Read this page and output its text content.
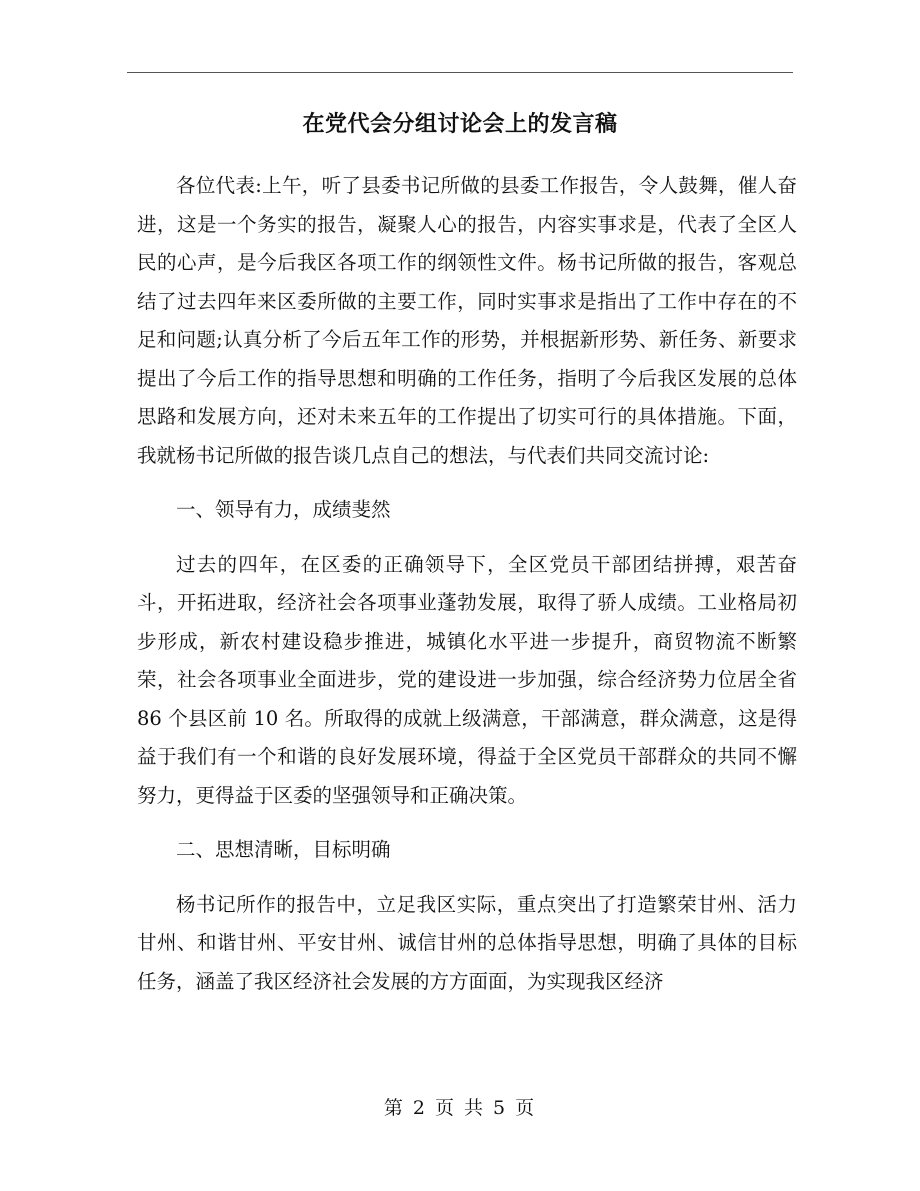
在党代会分组讨论会上的发言稿

各位代表:上午，听了县委书记所做的县委工作报告，令人鼓舞，催人奋进，这是一个务实的报告，凝聚人心的报告，内容实事求是，代表了全区人民的心声，是今后我区各项工作的纲领性文件。杨书记所做的报告，客观总结了过去四年来区委所做的主要工作，同时实事求是指出了工作中存在的不足和问题;认真分析了今后五年工作的形势，并根据新形势、新任务、新要求提出了今后工作的指导思想和明确的工作任务，指明了今后我区发展的总体思路和发展方向，还对未来五年的工作提出了切实可行的具体措施。下面，我就杨书记所做的报告谈几点自己的想法，与代表们共同交流讨论:

一、领导有力，成绩斐然

过去的四年，在区委的正确领导下，全区党员干部团结拼搏，艰苦奋斗，开拓进取，经济社会各项事业蓬勃发展，取得了骄人成绩。工业格局初步形成，新农村建设稳步推进，城镇化水平进一步提升，商贸物流不断繁荣，社会各项事业全面进步，党的建设进一步加强，综合经济势力位居全省 86 个县区前 10 名。所取得的成就上级满意，干部满意，群众满意，这是得益于我们有一个和谐的良好发展环境，得益于全区党员干部群众的共同不懈努力，更得益于区委的坚强领导和正确决策。

二、思想清晰，目标明确

杨书记所作的报告中，立足我区实际，重点突出了打造繁荣甘州、活力甘州、和谐甘州、平安甘州、诚信甘州的总体指导思想，明确了具体的目标任务，涵盖了我区经济社会发展的方方面面，为实现我区经济

第 2 页 共 5 页
